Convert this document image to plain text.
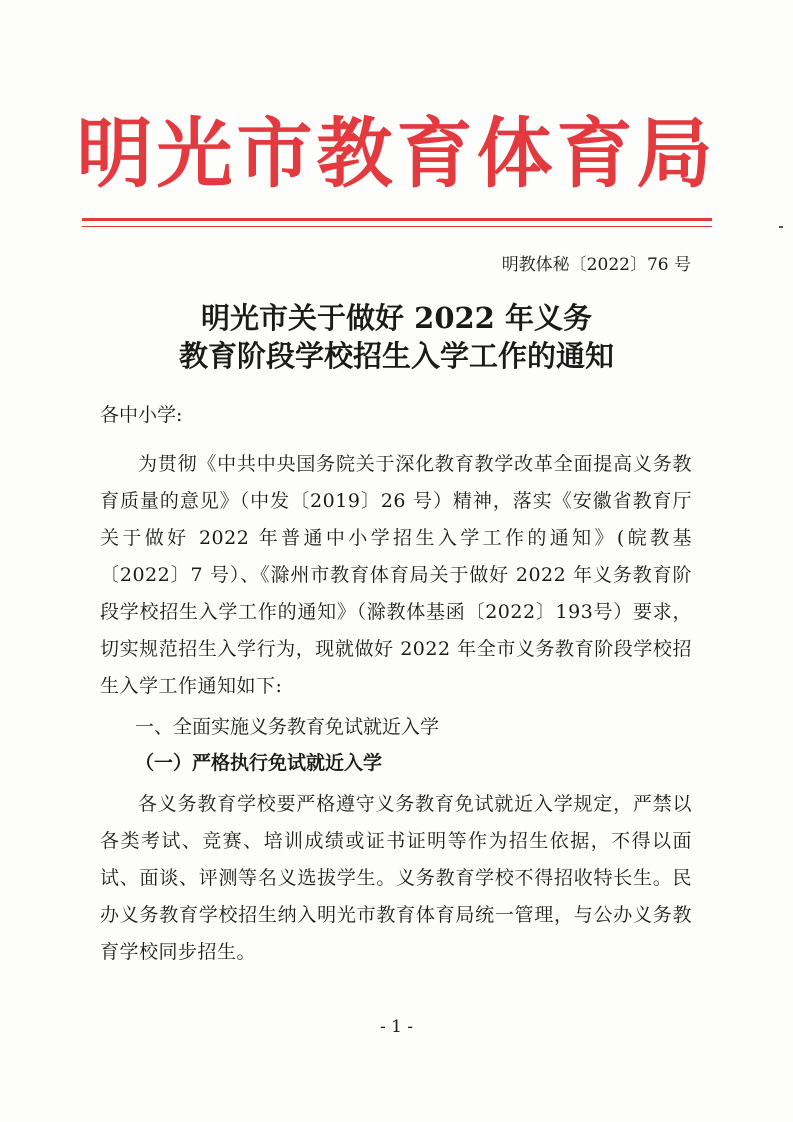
明光市教育体育局
明教体秘〔2022〕76 号
明光市关于做好 2022 年义务
教育阶段学校招生入学工作的通知
各中小学:

为贯彻《中共中央国务院关于深化教育教学改革全面提高义务教育质量的意见》（中发〔2019〕26 号）精神，落实《安徽省教育厅关于做好 2022 年普通中小学招生入学工作的通知》(皖教基〔2022〕7 号）、《滁州市教育体育局关于做好 2022 年义务教育阶段学校招生入学工作的通知》（滁教体基函〔2022〕193号）要求，切实规范招生入学行为，现就做好 2022 年全市义务教育阶段学校招生入学工作通知如下:

一、全面实施义务教育免试就近入学
（一）严格执行免试就近入学

各义务教育学校要严格遵守义务教育免试就近入学规定，严禁以各类考试、竞赛、培训成绩或证书证明等作为招生依据，不得以面试、面谈、评测等名义选拔学生。义务教育学校不得招收特长生。民办义务教育学校招生纳入明光市教育体育局统一管理，与公办义务教育学校同步招生。

- 1 -
